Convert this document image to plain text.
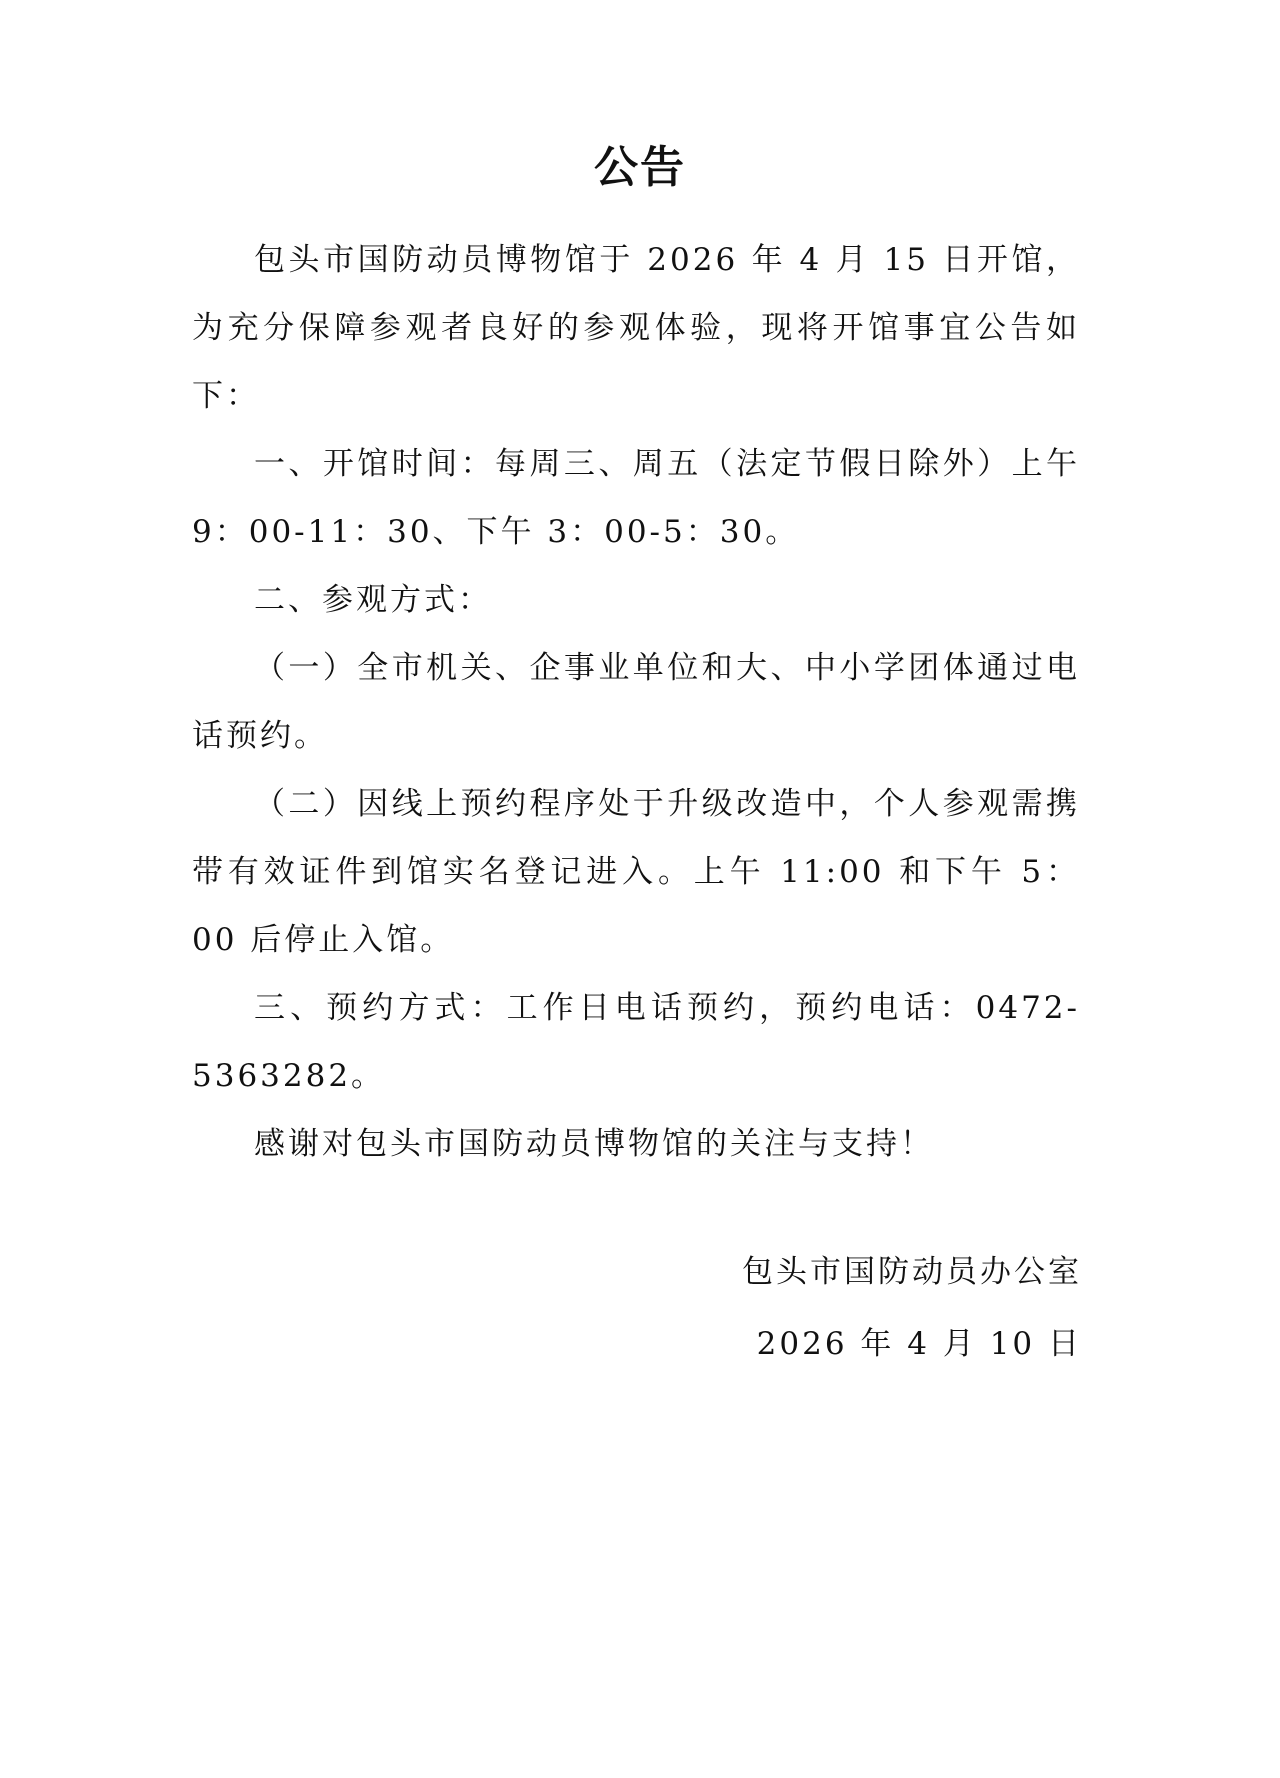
公告

包头市国防动员博物馆于 2026 年 4 月 15 日开馆，为充分保障参观者良好的参观体验，现将开馆事宜公告如下：

一、开馆时间：每周三、周五（法定节假日除外）上午 9：00-11：30、下午 3：00-5：30。

二、参观方式：

（一）全市机关、企事业单位和大、中小学团体通过电话预约。

（二）因线上预约程序处于升级改造中，个人参观需携带有效证件到馆实名登记进入。上午 11:00 和下午 5：00 后停止入馆。

三、预约方式：工作日电话预约，预约电话：0472-5363282。

感谢对包头市国防动员博物馆的关注与支持！

包头市国防动员办公室
2026 年 4 月 10 日
